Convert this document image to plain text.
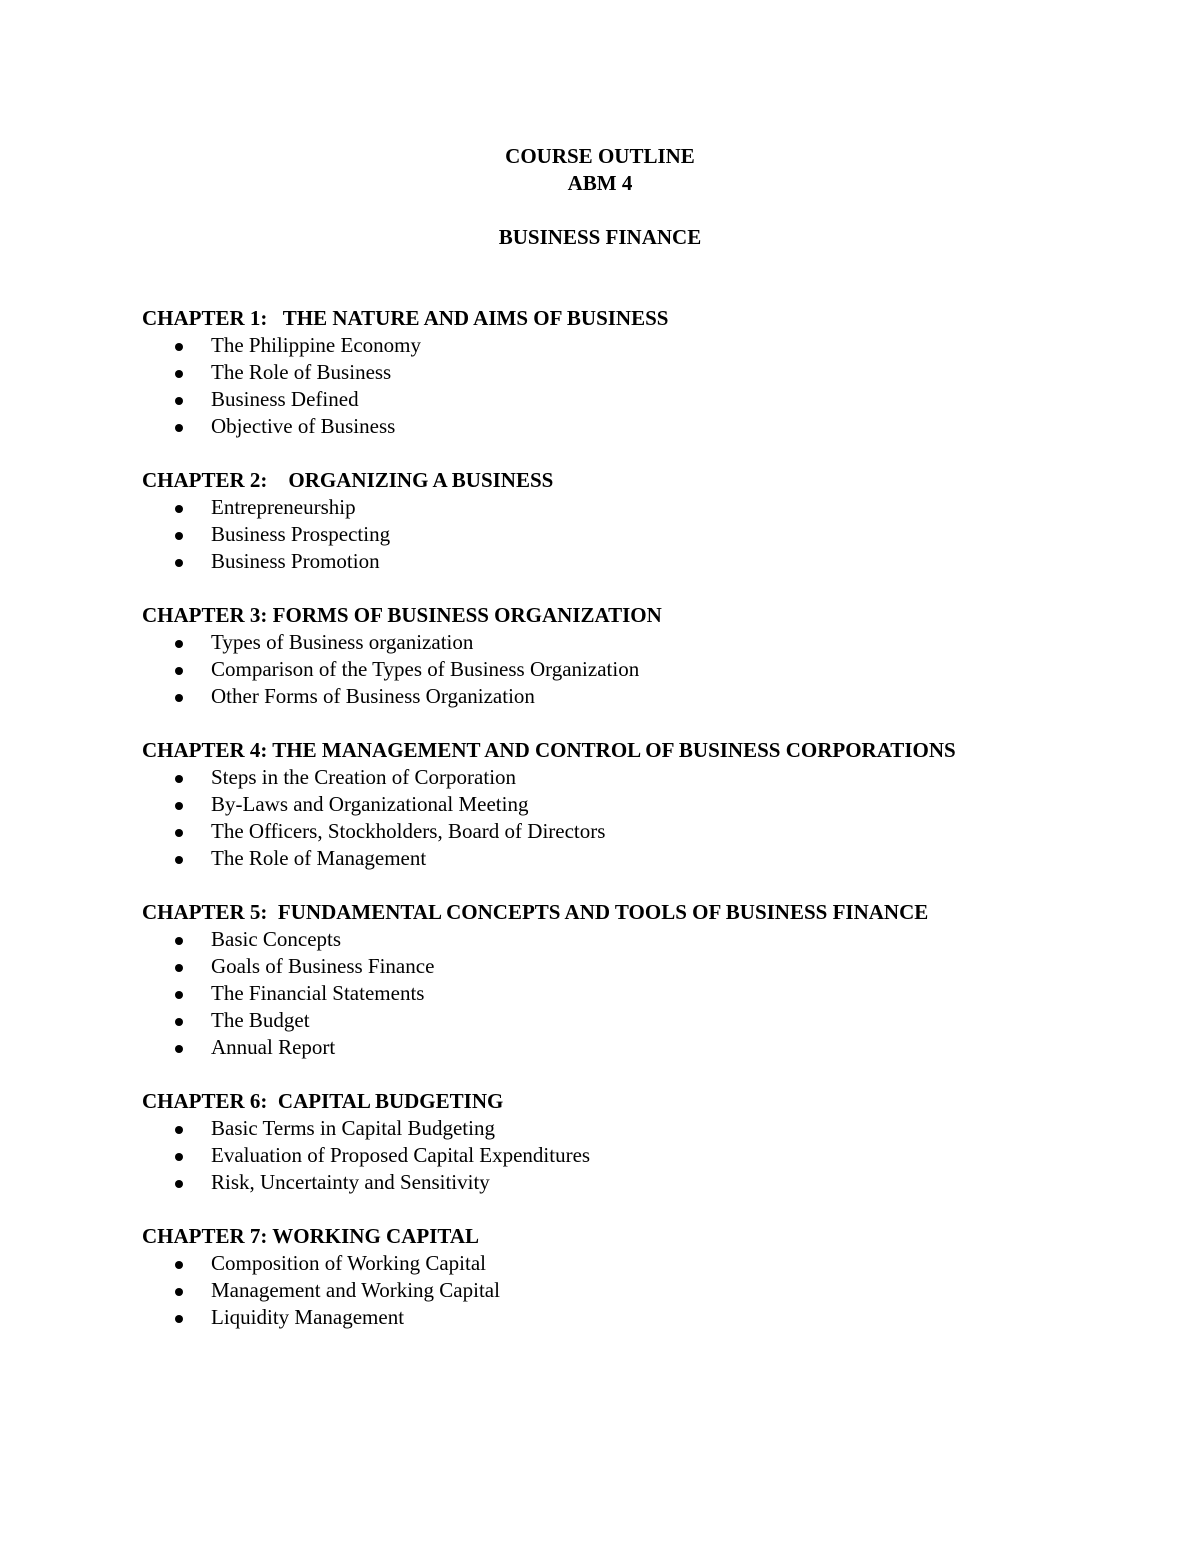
COURSE OUTLINE
ABM 4
BUSINESS FINANCE
CHAPTER 1:   THE NATURE AND AIMS OF BUSINESS
The Philippine Economy
The Role of Business
Business Defined
Objective of Business
CHAPTER 2:    ORGANIZING A BUSINESS
Entrepreneurship
Business Prospecting
Business Promotion
CHAPTER 3: FORMS OF BUSINESS ORGANIZATION
Types of Business organization
Comparison of the Types of Business Organization
Other Forms of Business Organization
CHAPTER 4: THE MANAGEMENT AND CONTROL OF BUSINESS CORPORATIONS
Steps in the Creation of Corporation
By-Laws and Organizational Meeting
The Officers, Stockholders, Board of Directors
The Role of Management
CHAPTER 5:  FUNDAMENTAL CONCEPTS AND TOOLS OF BUSINESS FINANCE
Basic Concepts
Goals of Business Finance
The Financial Statements
The Budget
Annual Report
CHAPTER 6:  CAPITAL BUDGETING
Basic Terms in Capital Budgeting
Evaluation of Proposed Capital Expenditures
Risk, Uncertainty and Sensitivity
CHAPTER 7: WORKING CAPITAL
Composition of Working Capital
Management and Working Capital
Liquidity Management
